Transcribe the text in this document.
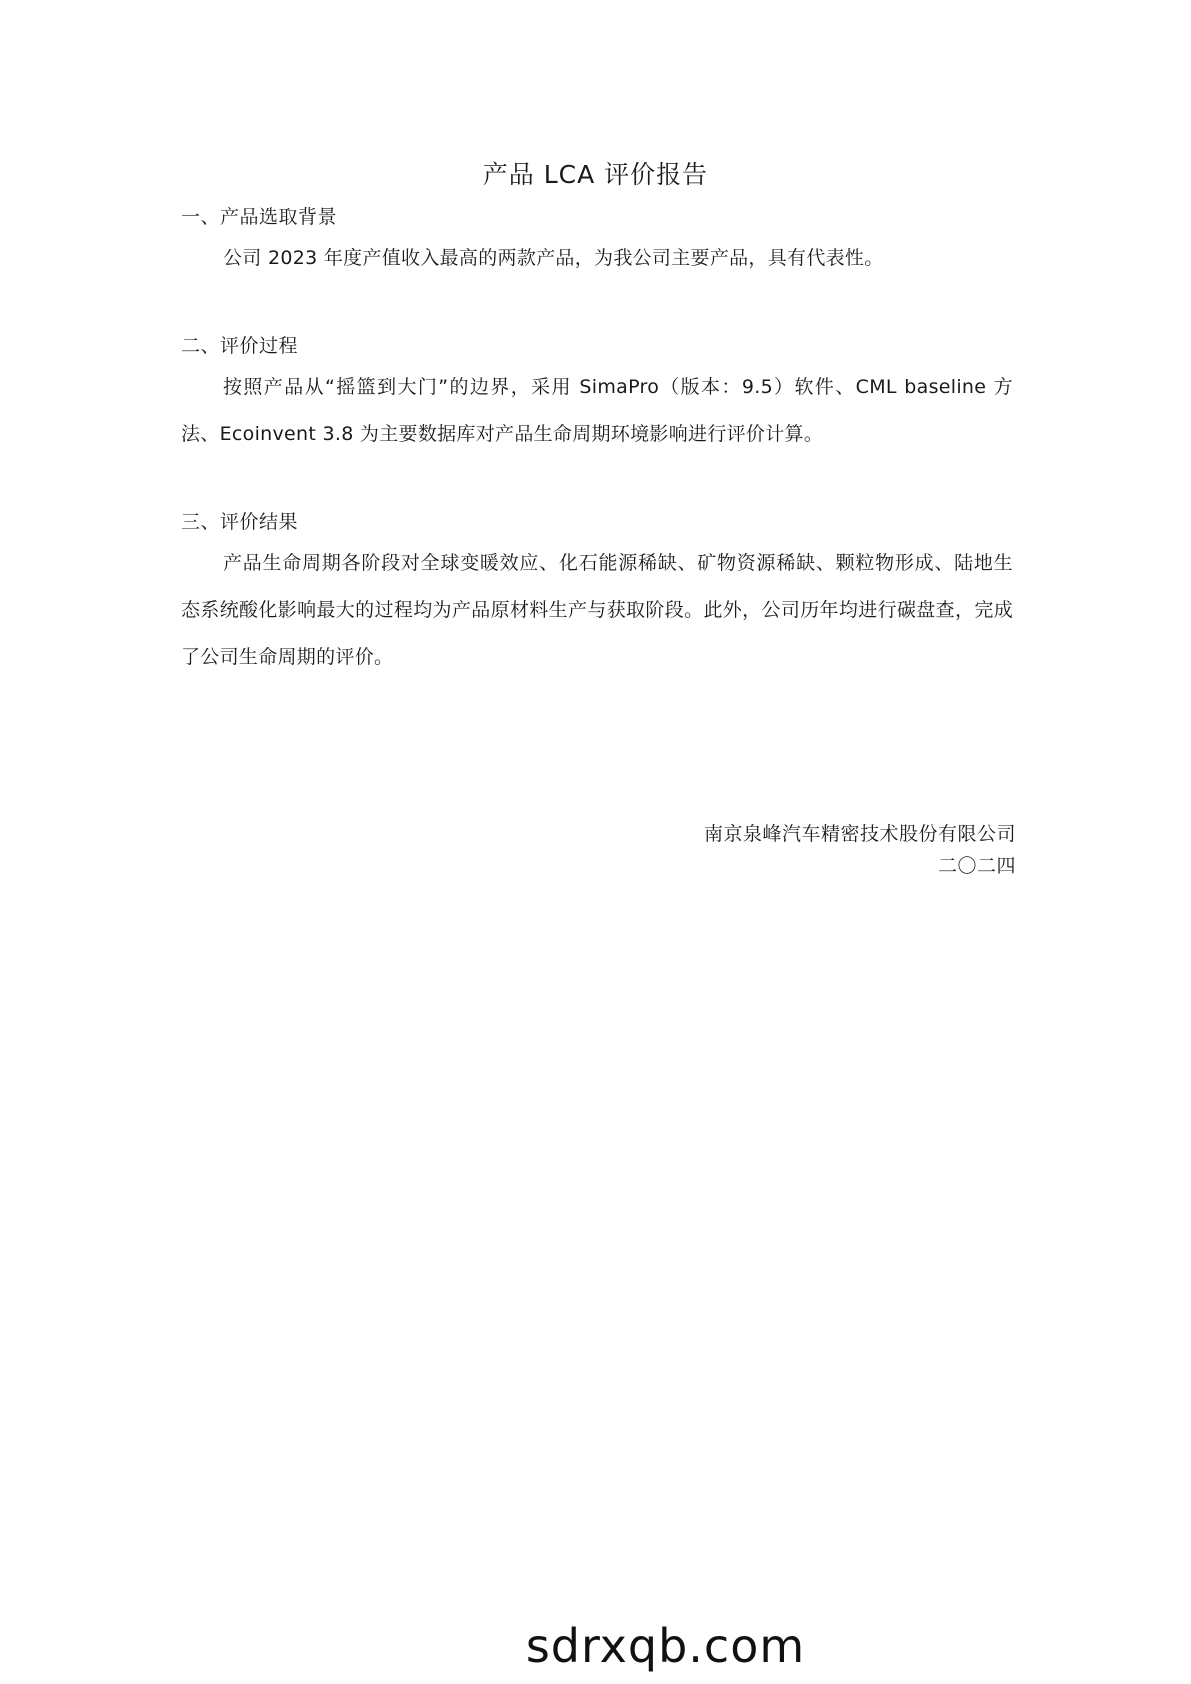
产品 LCA 评价报告
一、产品选取背景
公司 2023 年度产值收入最高的两款产品，为我公司主要产品，具有代表性。
二、评价过程
按照产品从“摇篮到大门”的边界，采用 SimaPro（版本：9.5）软件、CML baseline 方法、Ecoinvent 3.8 为主要数据库对产品生命周期环境影响进行评价计算。
三、评价结果
产品生命周期各阶段对全球变暖效应、化石能源稀缺、矿物资源稀缺、颗粒物形成、陆地生态系统酸化影响最大的过程均为产品原材料生产与获取阶段。此外，公司历年均进行碳盘查，完成了公司生命周期的评价。
南京泉峰汽车精密技术股份有限公司
二〇二四
sdrxqb.com
